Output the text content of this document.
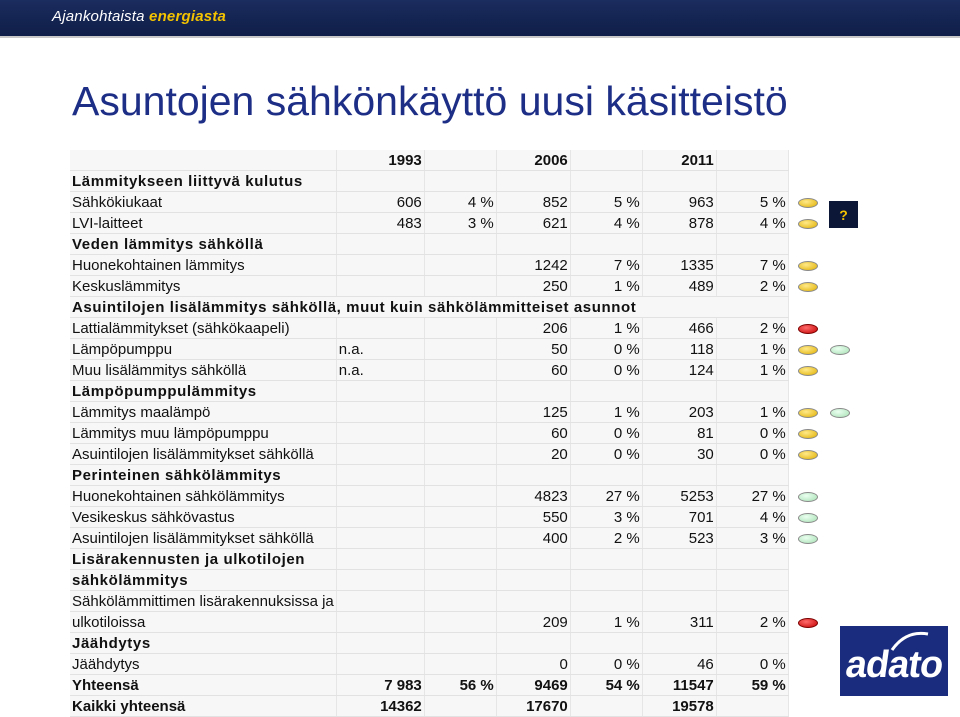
Ajankohtaista energiasta
Asuntojen sähkönkäyttö uusi käsitteistö
	1993		2006		2011	
Lämmitykseen liittyvä kulutus						
Sähkökiukaat	606	4 %	852	5 %	963	5 %
LVI-laitteet	483	3 %	621	4 %	878	4 %
Veden lämmitys sähköllä						
Huonekohtainen lämmitys			1242	7 %	1335	7 %
Keskuslämmitys			250	1 %	489	2 %
Asuintilojen lisälämmitys sähköllä, muut kuin sähkölämmitteiset asunnot						
Lattialämmitykset (sähkökaapeli)			206	1 %	466	2 %
Lämpöpumppu	n.a.		50	0 %	118	1 %
Muu lisälämmitys sähköllä	n.a.		60	0 %	124	1 %
Lämpöpumppulämmitys						
Lämmitys maalämpö			125	1 %	203	1 %
Lämmitys muu lämpöpumppu			60	0 %	81	0 %
Asuintilojen lisälämmitykset sähköllä			20	0 %	30	0 %
Perinteinen sähkölämmitys						
Huonekohtainen sähkölämmitys			4823	27 %	5253	27 %
Vesikeskus sähkövastus			550	3 %	701	4 %
Asuintilojen lisälämmitykset sähköllä			400	2 %	523	3 %
Lisärakennusten ja ulkotilojen						
sähkölämmitys						
Sähkölämmittimen lisärakennuksissa ja						
ulkotiloissa			209	1 %	311	2 %
Jäähdytys						
Jäähdytys			0	0 %	46	0 %
Yhteensä	7 983	56 %	9469	54 %	11547	59 %
Kaikki yhteensä	14362		17670		19578	
?
adato
